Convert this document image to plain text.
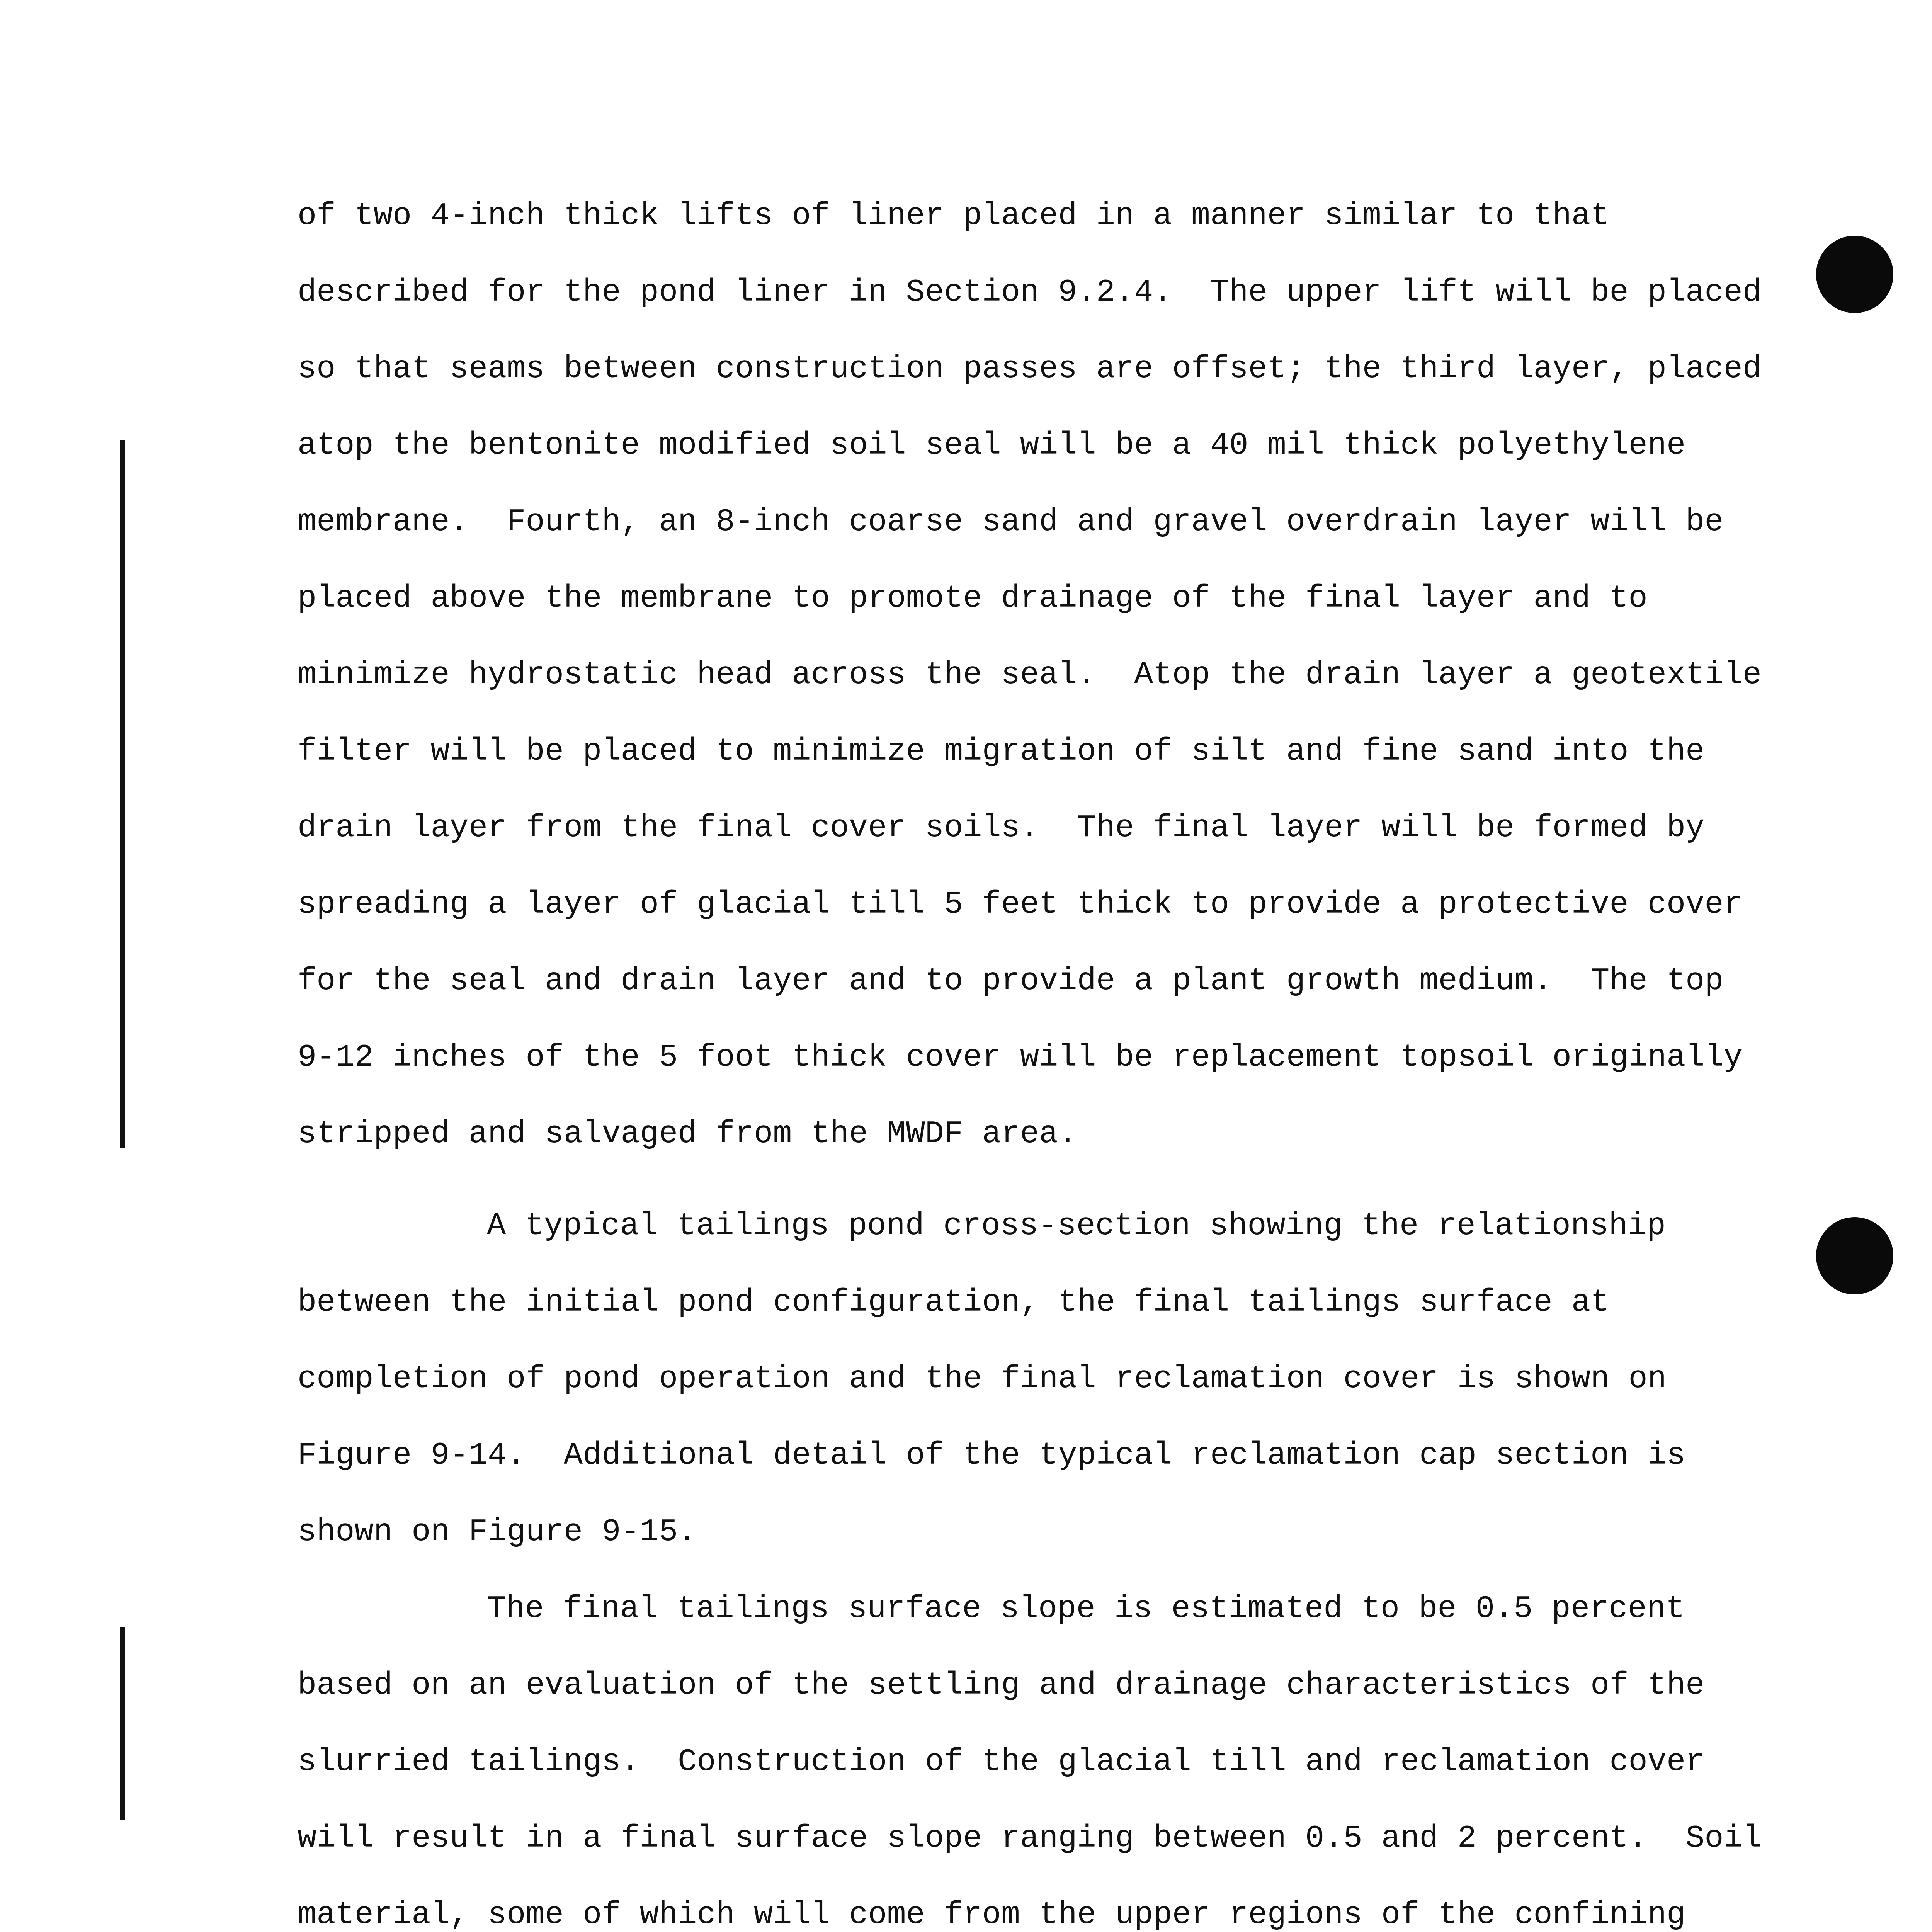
of two 4-inch thick lifts of liner placed in a manner similar to that
described for the pond liner in Section 9.2.4.  The upper lift will be placed
so that seams between construction passes are offset; the third layer, placed
atop the bentonite modified soil seal will be a 40 mil thick polyethylene
membrane.  Fourth, an 8-inch coarse sand and gravel overdrain layer will be
placed above the membrane to promote drainage of the final layer and to
minimize hydrostatic head across the seal.  Atop the drain layer a geotextile
filter will be placed to minimize migration of silt and fine sand into the
drain layer from the final cover soils.  The final layer will be formed by
spreading a layer of glacial till 5 feet thick to provide a protective cover
for the seal and drain layer and to provide a plant growth medium.  The top
9-12 inches of the 5 foot thick cover will be replacement topsoil originally
stripped and salvaged from the MWDF area.
A typical tailings pond cross-section showing the relationship
between the initial pond configuration, the final tailings surface at
completion of pond operation and the final reclamation cover is shown on
Figure 9-14.  Additional detail of the typical reclamation cap section is
shown on Figure 9-15.
The final tailings surface slope is estimated to be 0.5 percent
based on an evaluation of the settling and drainage characteristics of the
slurried tailings.  Construction of the glacial till and reclamation cover
will result in a final surface slope ranging between 0.5 and 2 percent.  Soil
material, some of which will come from the upper regions of the confining
